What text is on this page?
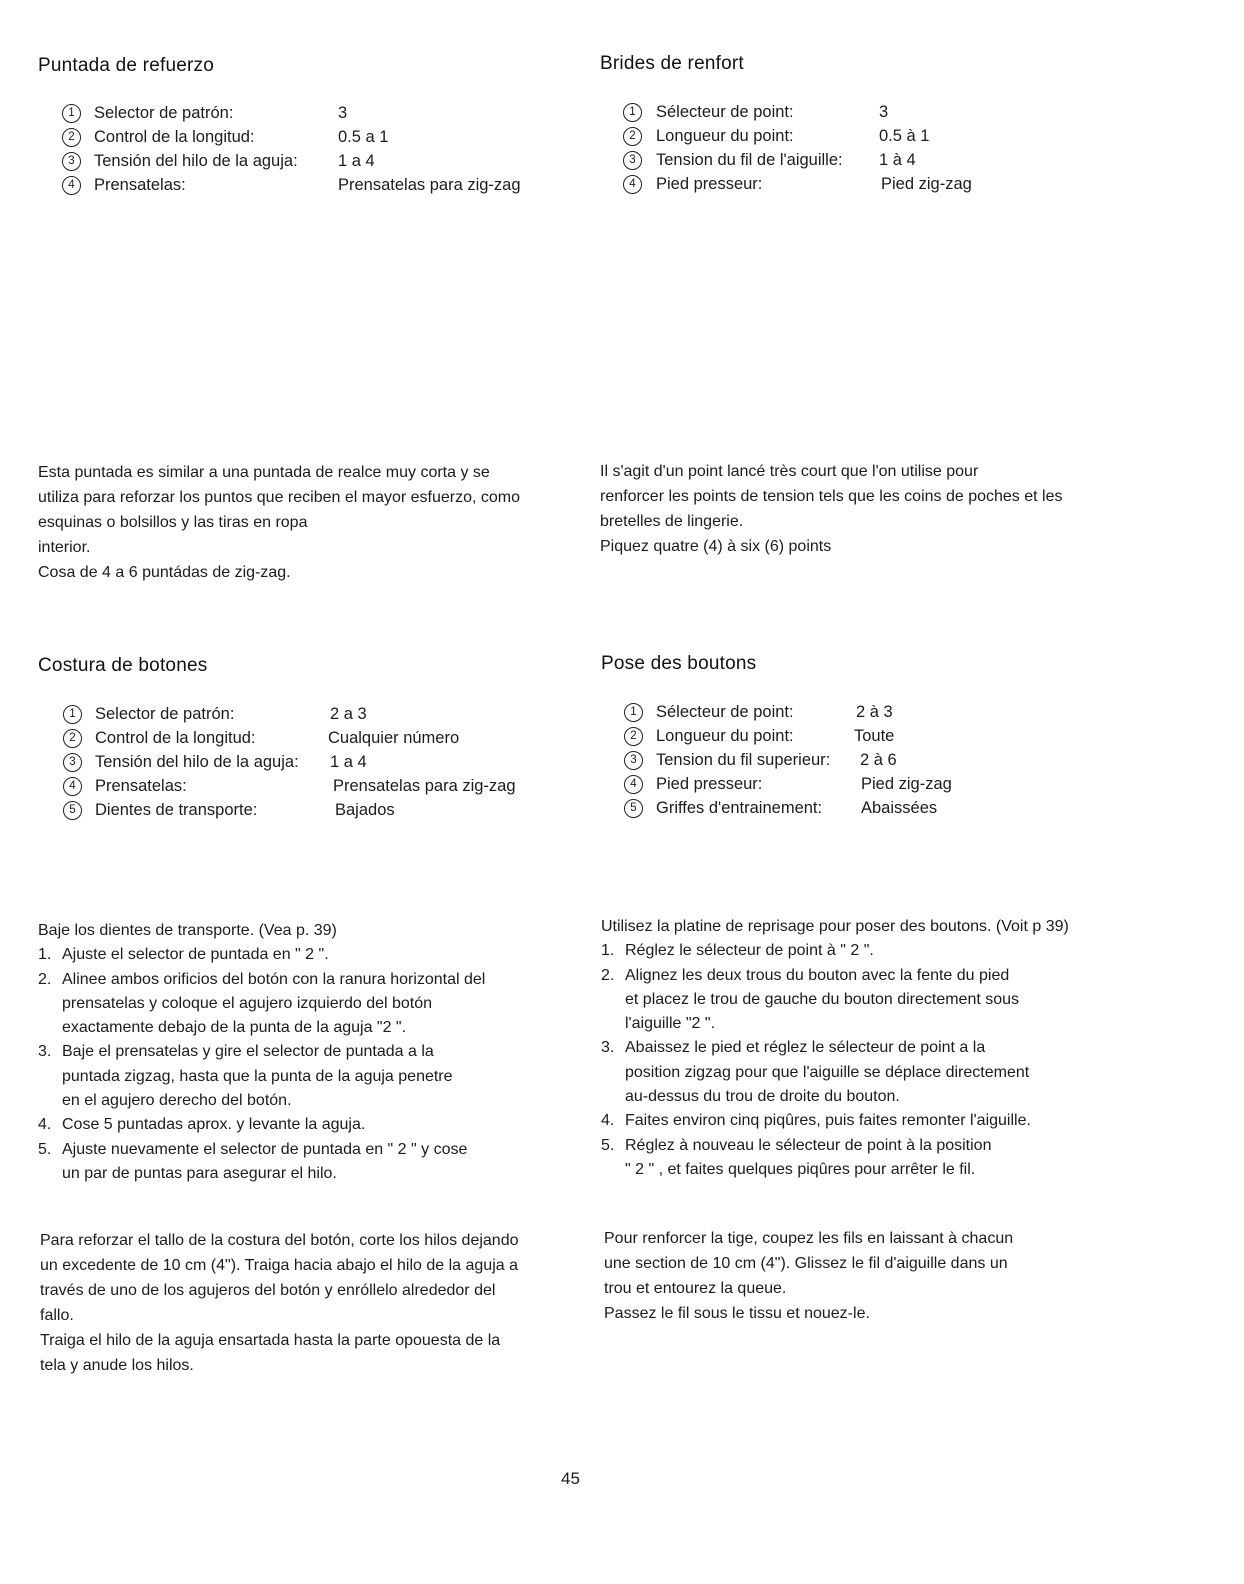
Puntada de refuerzo
1	Selector de patrón:	3
2	Control de la longitud:	0.5 a 1
3	Tensión del hilo de la aguja: 1 a 4
4	Prensatelas:	Prensatelas para zig-zag
Esta puntada es similar a una puntada de realce muy corta y se
utiliza para reforzar los puntos que reciben el mayor esfuerzo, como
esquinas o bolsillos y las tiras en ropa
interior.
Cosa de 4 a 6 puntádas de zig-zag.
Brides de renfort
1	Sélecteur de point:	3
2	Longueur du point:	0.5 à 1
3	Tension du fil de l'aiguille: 1 à 4
4	Pied presseur:	Pied zig-zag
Il s'agit d'un point lancé très court que l'on utilise pour
renforcer les points de tension tels que les coins de poches et les
bretelles de lingerie.
Piquez quatre (4) à six (6) points
Costura de botones
1	Selector de patrón:	2 a 3
2	Control de la longitud:	Cualquier número
3	Tensión del hilo de la aguja: 1 a 4
4	Prensatelas:	Prensatelas para zig-zag
5	Dientes de transporte:	Bajados
Baje los dientes de transporte. (Vea p. 39)
1. Ajuste el selector de puntada en " 2 ".
2. Alinee ambos orificios del botón con la ranura horizontal del
prensatelas y coloque el agujero izquierdo del botón
exactamente debajo de la punta de la aguja "2 ".
3. Baje el prensatelas y gire el selector de puntada a la
puntada zigzag, hasta que la punta de la aguja penetre
en el agujero derecho del botón.
4. Cose 5 puntadas aprox. y levante la aguja.
5. Ajuste nuevamente el selector de puntada en " 2 " y cose
un par de puntas para asegurar el hilo.
Para reforzar el tallo de la costura del botón, corte los hilos dejando
un excedente de 10 cm (4"). Traiga hacia abajo el hilo de la aguja a
través de uno de los agujeros del botón y enróllelo alrededor del
fallo.
Traiga el hilo de la aguja ensartada hasta la parte opouesta de la
tela y anude los hilos.
Pose des boutons
1	Sélecteur de point:	2 à 3
2	Longueur du point:	Toute
3	Tension du fil superieur: 2 à 6
4	Pied presseur:	Pied zig-zag
5	Griffes d'entrainement: Abaissées
Utilisez la platine de reprisage pour poser des boutons. (Voit p 39)
1. Réglez le sélecteur de point à " 2 ".
2. Alignez les deux trous du bouton avec la fente du pied
et placez le trou de gauche du bouton directement sous
l'aiguille "2 ".
3. Abaissez le pied et réglez le sélecteur de point a la
position zigzag pour que l'aiguille se déplace directement
au-dessus du trou de droite du bouton.
4. Faites environ cinq piqûres, puis faites remonter l'aiguille.
5. Réglez à nouveau le sélecteur de point à la position
" 2 " , et faites quelques piqûres pour arrêter le fil.
Pour renforcer la tige, coupez les fils en laissant à chacun
une section de 10 cm (4"). Glissez le fil d'aiguille dans un
trou et entourez la queue.
Passez le fil sous le tissu et nouez-le.
45
